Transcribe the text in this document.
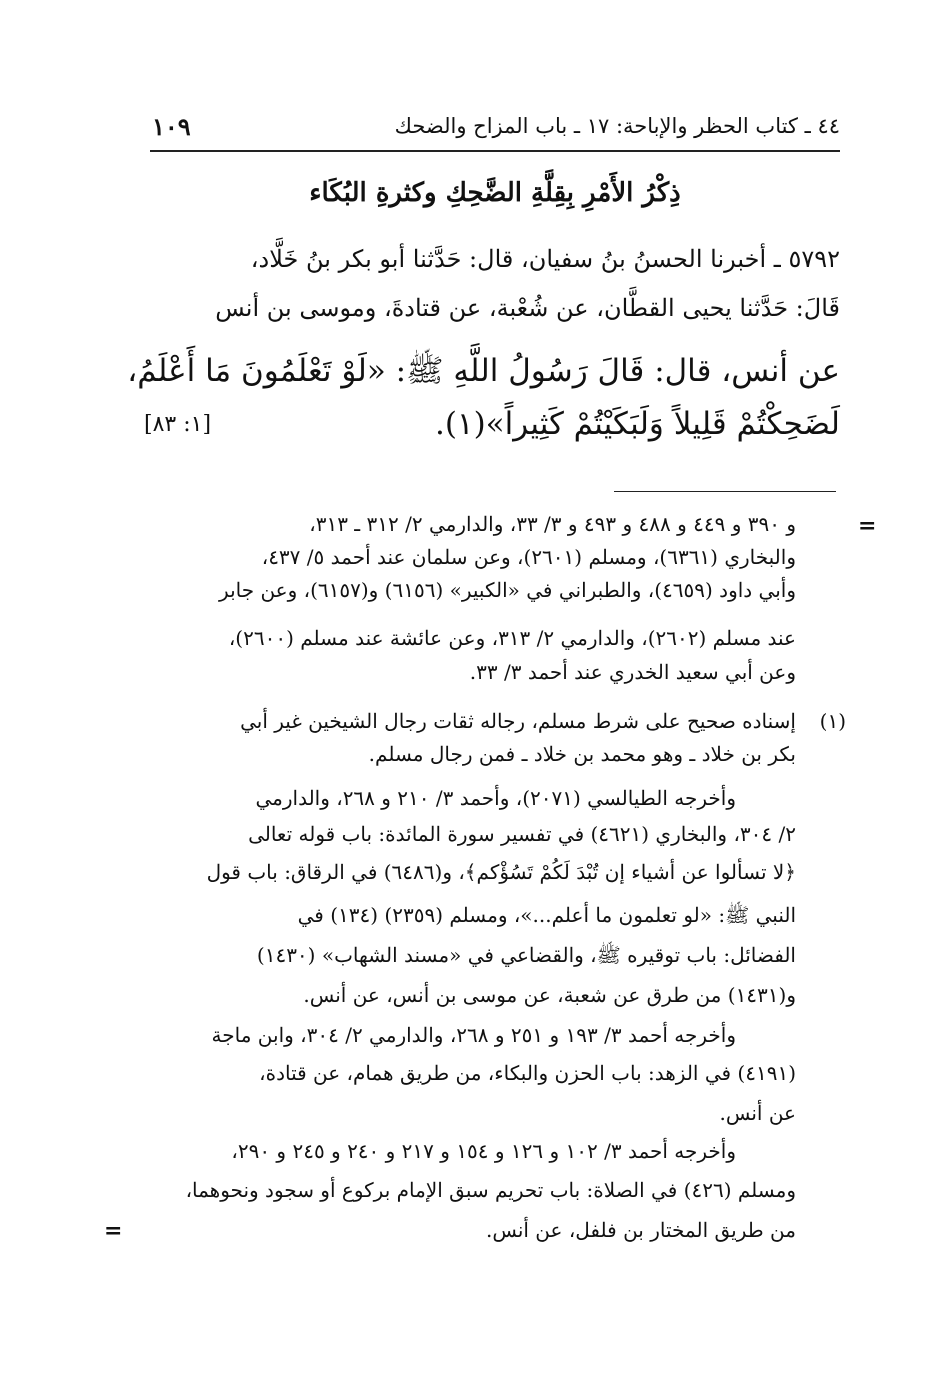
٤٤ ـ كتاب الحظر والإباحة: ١٧ ـ باب المزاح والضحك
١٠٩
ذِكْرُ الأَمْرِ بِقِلَّةِ الضَّحِكِ وكثرةِ البُكَاء
٥٧٩٢ ـ أخبرنا الحسنُ بنُ سفيان، قال: حَدَّثنا أبو بكر بنُ خَلَّاد،
قَالَ: حَدَّثنا يحيى القطَّان، عن شُعْبة، عن قتادةَ، وموسى بن أنس
عن أنس، قال: قَالَ رَسُولُ اللَّهِ ﷺ: «لَوْ تَعْلَمُونَ مَا أَعْلَمُ،
لَضَحِكْتُمْ قَلِيلاً وَلَبَكَيْتُمْ كَثِيراً»(١).
[١: ٨٣]
=
و ٣٩٠ و ٤٤٩ و ٤٨٨ و ٤٩٣ و ٣/ ٣٣، والدارمي ٢/ ٣١٢ ـ ٣١٣،
والبخاري (٦٣٦١)، ومسلم (٢٦٠١)، وعن سلمان عند أحمد ٥/ ٤٣٧،
وأبي داود (٤٦٥٩)، والطبراني في «الكبير» (٦١٥٦) و(٦١٥٧)، وعن جابر
عند مسلم (٢٦٠٢)، والدارمي ٢/ ٣١٣، وعن عائشة عند مسلم (٢٦٠٠)،
وعن أبي سعيد الخدري عند أحمد ٣/ ٣٣.
(١)
إسناده صحيح على شرط مسلم، رجاله ثقات رجال الشيخين غير أبي
بكر بن خلاد ـ وهو محمد بن خلاد ـ فمن رجال مسلم.
وأخرجه الطيالسي (٢٠٧١)، وأحمد ٣/ ٢١٠ و ٢٦٨، والدارمي
٢/ ٣٠٤، والبخاري (٤٦٢١) في تفسير سورة المائدة: باب قوله تعالى
﴿لا تسألوا عن أشياء إن تُبْدَ لَكُمْ تَسُؤْكم﴾، و(٦٤٨٦) في الرقاق: باب قول
النبي ﷺ: «لو تعلمون ما أعلم...»، ومسلم (٢٣٥٩) (١٣٤) في
الفضائل: باب توقيره ﷺ، والقضاعي في «مسند الشهاب» (١٤٣٠)
و(١٤٣١) من طرق عن شعبة، عن موسى بن أنس، عن أنس.
وأخرجه أحمد ٣/ ١٩٣ و ٢٥١ و ٢٦٨، والدارمي ٢/ ٣٠٤، وابن ماجة
(٤١٩١) في الزهد: باب الحزن والبكاء، من طريق همام، عن قتادة،
عن أنس.
وأخرجه أحمد ٣/ ١٠٢ و ١٢٦ و ١٥٤ و ٢١٧ و ٢٤٠ و ٢٤٥ و ٢٩٠،
ومسلم (٤٢٦) في الصلاة: باب تحريم سبق الإمام بركوع أو سجود ونحوهما،
من طريق المختار بن فلفل، عن أنس.
=
